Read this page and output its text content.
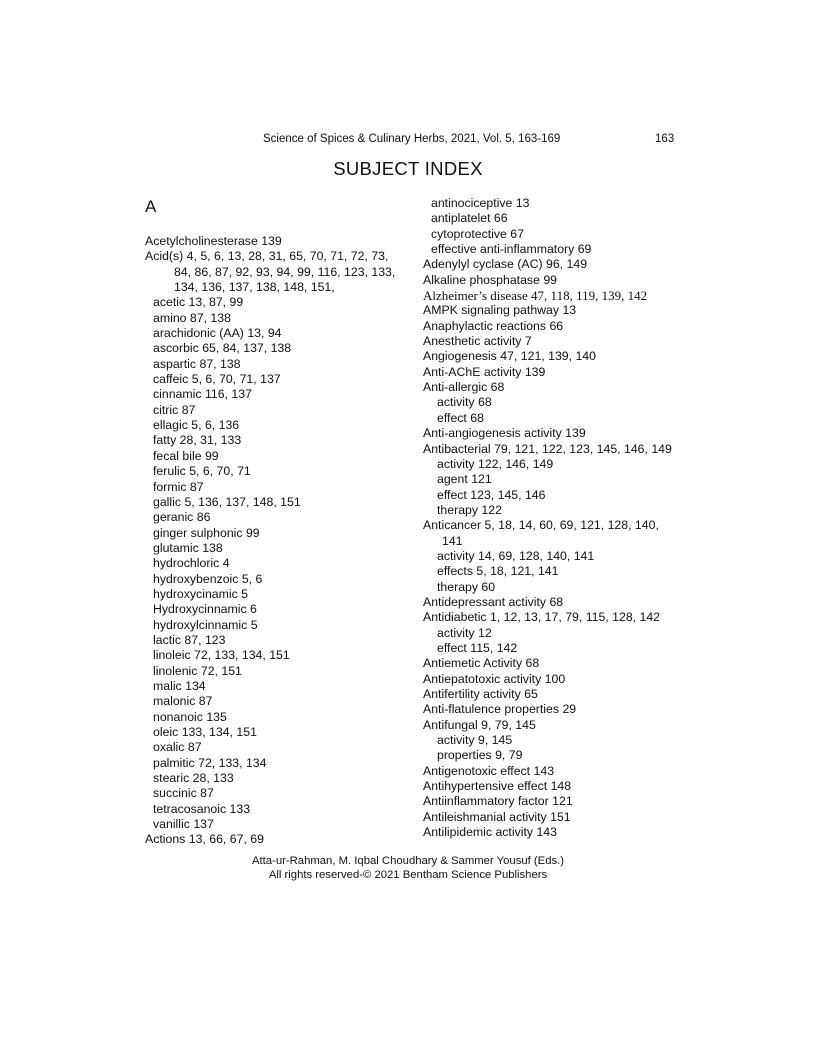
Science of Spices & Culinary Herbs, 2021, Vol. 5, 163-169	163
SUBJECT INDEX
A
Acetylcholinesterase 139
Acid(s) 4, 5, 6, 13, 28, 31, 65, 70, 71, 72, 73,
84, 86, 87, 92, 93, 94, 99, 116, 123, 133,
134, 136, 137, 138, 148, 151,
acetic 13, 87, 99
amino 87, 138
arachidonic (AA) 13, 94
ascorbic 65, 84, 137, 138
aspartic 87, 138
caffeic 5, 6, 70, 71, 137
cinnamic 116, 137
citric 87
ellagic 5, 6, 136
fatty 28, 31, 133
fecal bile 99
ferulic 5, 6, 70, 71
formic 87
gallic 5, 136, 137, 148, 151
geranic 86
ginger sulphonic 99
glutamic 138
hydrochloric 4
hydroxybenzoic 5, 6
hydroxycinamic 5
Hydroxycinnamic 6
hydroxylcinnamic 5
lactic 87, 123
linoleic 72, 133, 134, 151
linolenic 72, 151
malic 134
malonic 87
nonanoic 135
oleic 133, 134, 151
oxalic 87
palmitic 72, 133, 134
stearic 28, 133
succinic 87
tetracosanoic 133
vanillic 137
Actions 13, 66, 67, 69
antinociceptive 13
antiplatelet 66
cytoprotective 67
effective anti-inflammatory 69
Adenylyl cyclase (AC) 96, 149
Alkaline phosphatase 99
Alzheimer’s disease 47, 118, 119, 139, 142
AMPK signaling pathway 13
Anaphylactic reactions 66
Anesthetic activity 7
Angiogenesis 47, 121, 139, 140
Anti-AChE activity 139
Anti-allergic 68
activity 68
effect 68
Anti-angiogenesis activity 139
Antibacterial 79, 121, 122, 123, 145, 146, 149
activity 122, 146, 149
agent 121
effect 123, 145, 146
therapy 122
Anticancer 5, 18, 14, 60, 69, 121, 128, 140,
141
activity 14, 69, 128, 140, 141
effects 5, 18, 121, 141
therapy 60
Antidepressant activity 68
Antidiabetic 1, 12, 13, 17, 79, 115, 128, 142
activity 12
effect 115, 142
Antiemetic Activity 68
Antiepatotoxic activity 100
Antifertility activity 65
Anti-flatulence properties 29
Antifungal 9, 79, 145
activity 9, 145
properties 9, 79
Antigenotoxic effect 143
Antihypertensive effect 148
Antiinflammatory factor 121
Antileishmanial activity 151
Antilipidemic activity 143
Atta-ur-Rahman, M. Iqbal Choudhary & Sammer Yousuf (Eds.)
All rights reserved-© 2021 Bentham Science Publishers
